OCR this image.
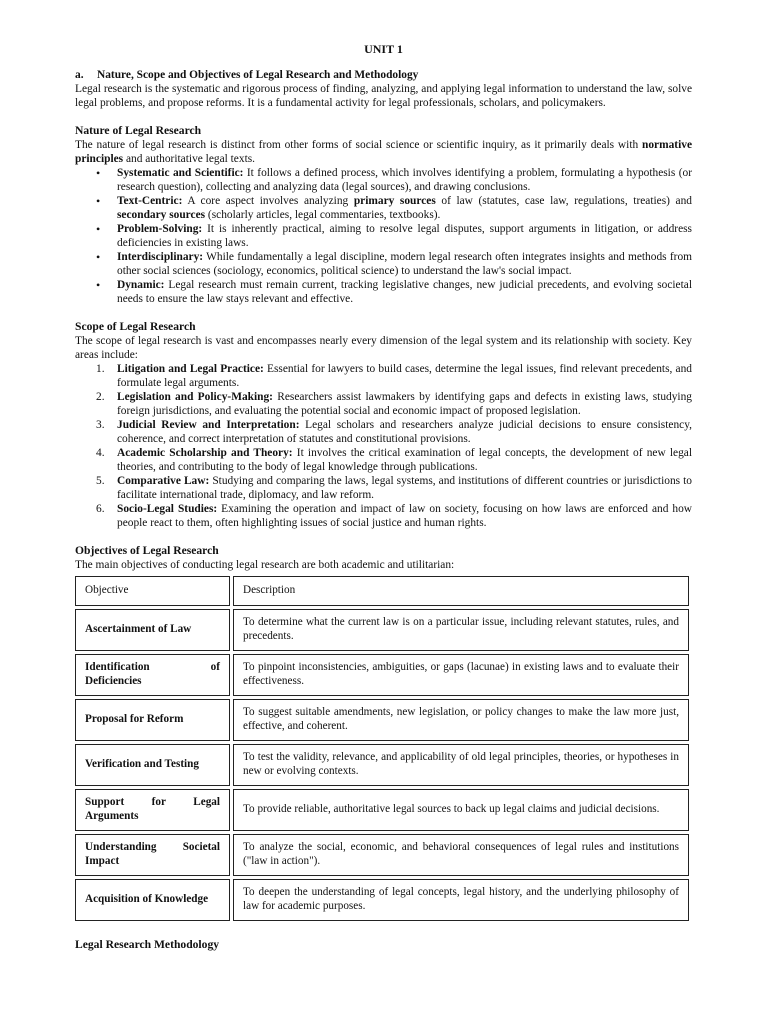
UNIT 1
a. Nature, Scope and Objectives of Legal Research and Methodology

Legal research is the systematic and rigorous process of finding, analyzing, and applying legal information to understand the law, solve legal problems, and propose reforms. It is a fundamental activity for legal professionals, scholars, and policymakers.

Nature of Legal Research

The nature of legal research is distinct from other forms of social science or scientific inquiry, as it primarily deals with normative principles and authoritative legal texts.

• Systematic and Scientific: It follows a defined process, which involves identifying a problem, formulating a hypothesis (or research question), collecting and analyzing data (legal sources), and drawing conclusions.
• Text-Centric: A core aspect involves analyzing primary sources of law (statutes, case law, regulations, treaties) and secondary sources (scholarly articles, legal commentaries, textbooks).
• Problem-Solving: It is inherently practical, aiming to resolve legal disputes, support arguments in litigation, or address deficiencies in existing laws.
• Interdisciplinary: While fundamentally a legal discipline, modern legal research often integrates insights and methods from other social sciences (sociology, economics, political science) to understand the law's social impact.
• Dynamic: Legal research must remain current, tracking legislative changes, new judicial precedents, and evolving societal needs to ensure the law stays relevant and effective.
Scope of Legal Research

The scope of legal research is vast and encompasses nearly every dimension of the legal system and its relationship with society. Key areas include:

1. Litigation and Legal Practice: Essential for lawyers to build cases, determine the legal issues, find relevant precedents, and formulate legal arguments.
2. Legislation and Policy-Making: Researchers assist lawmakers by identifying gaps and defects in existing laws, studying foreign jurisdictions, and evaluating the potential social and economic impact of proposed legislation.
3. Judicial Review and Interpretation: Legal scholars and researchers analyze judicial decisions to ensure consistency, coherence, and correct interpretation of statutes and constitutional provisions.
4. Academic Scholarship and Theory: It involves the critical examination of legal concepts, the development of new legal theories, and contributing to the body of legal knowledge through publications.
5. Comparative Law: Studying and comparing the laws, legal systems, and institutions of different countries or jurisdictions to facilitate international trade, diplomacy, and law reform.
6. Socio-Legal Studies: Examining the operation and impact of law on society, focusing on how laws are enforced and how people react to them, often highlighting issues of social justice and human rights.
Objectives of Legal Research

The main objectives of conducting legal research are both academic and utilitarian:

Objective	Description
Ascertainment of Law	To determine what the current law is on a particular issue, including relevant statutes, rules, and precedents.

Identification of Deficiencies	To pinpoint inconsistencies, ambiguities, or gaps (lacunae) in existing laws and to evaluate their effectiveness.
Proposal for Reform	To suggest suitable amendments, new legislation, or policy changes to make the law more just, effective, and coherent.
Verification and Testing	To test the validity, relevance, and applicability of old legal principles, theories, or hypotheses in new or evolving contexts.

Support for Legal Arguments	To provide reliable, authoritative legal sources to back up legal claims and judicial decisions.

Understanding Societal Impact	To analyze the social, economic, and behavioral consequences of legal rules and institutions ("law in action").
Acquisition of Knowledge	To deepen the understanding of legal concepts, legal history, and the underlying philosophy of law for academic purposes.
Legal Research Methodology
